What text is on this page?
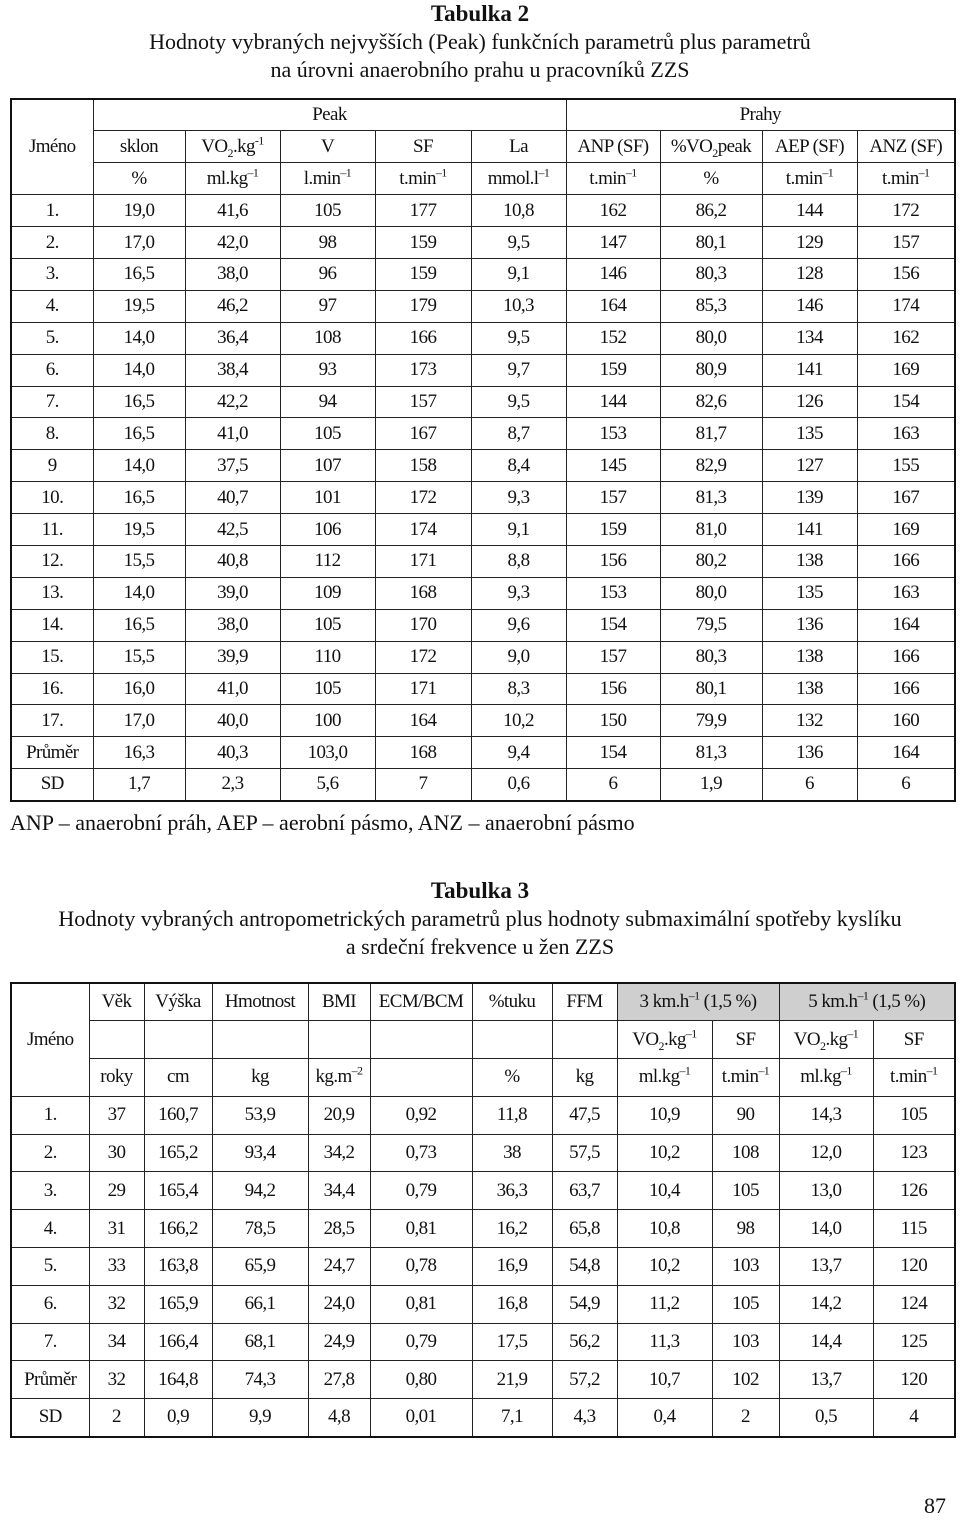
Tabulka 2
Hodnoty vybraných nejvyšších (Peak) funkčních parametrů plus parametrů
na úrovni anaerobního prahu u pracovníků ZZS
	Peak					Prahy			
Jméno	sklon	$VO_2.kg^{-1}$	V	SF	La	ANP (SF)	$\%VO_2peak$	AEP (SF)	ANZ (SF)
	%	$ml.kg^{-1}$	$l.\min^{-1}$	$t.\min^{-1}$	$mmol.l^{-1}$	$t.\min^{-1}$	%	$t.\min^{-1}$	$t.\min^{-1}$
1.	19,0	41,6	105	177	10,8	162	86,2	144	172
2.	17,0	42,0	98	159	9,5	147	80,1	129	157
3.	16,5	38,0	96	159	9,1	146	80,3	128	156
4.	19,5	46,2	97	179	10,3	164	85,3	146	174
5.	14,0	36,4	108	166	9,5	152	80,0	134	162
6.	14,0	38,4	93	173	9,7	159	80,9	141	169
7.	16,5	42,2	94	157	9,5	144	82,6	126	154
8.	16,5	41,0	105	167	8,7	153	81,7	135	163
9	14,0	37,5	107	158	8,4	145	82,9	127	155
10.	16,5	40,7	101	172	9,3	157	81,3	139	167
11.	19,5	42,5	106	174	9,1	159	81,0	141	169
12.	15,5	40,8	112	171	8,8	156	80,2	138	166
13.	14,0	39,0	109	168	9,3	153	80,0	135	163
14.	16,5	38,0	105	170	9,6	154	79,5	136	164
15.	15,5	39,9	110	172	9,0	157	80,3	138	166
16.	16,0	41,0	105	171	8,3	156	80,1	138	166
17.	17,0	40,0	100	164	10,2	150	79,9	132	160
Průměr	16,3	40,3	103,0	168	9,4	154	81,3	136	164
SD	1,7	2,3	5,6	7	0,6	6	1,9	6	6
ANP – anaerobní práh, AEP – aerobní pásmo, ANZ – anaerobní pásmo
Tabulka 3
Hodnoty vybraných antropometrických parametrů plus hodnoty submaximální spotřeby kyslíku
a srdeční frekvence u žen ZZS
	Věk	Výška	Hmotnost	BMI	ECM/BCM	%tuku	FFM	3 $km.h^{-1}$ (1,5 %)		5 $km.h^{-1}$ (1,5 %)	
Jméno								$VO_2.kg^{-1}$	SF	$VO_2.kg^{-1}$	SF
	roky	cm	kg	$kg.m^{-2}$		%	kg	$ml.kg^{-1}$	$t.\min^{-1}$	$ml.kg^{-1}$	$t.\min^{-1}$
1.	37	160,7	53,9	20,9	0,92	11,8	47,5	10,9	90	14,3	105
2.	30	165,2	93,4	34,2	0,73	38	57,5	10,2	108	12,0	123
3.	29	165,4	94,2	34,4	0,79	36,3	63,7	10,4	105	13,0	126
4.	31	166,2	78,5	28,5	0,81	16,2	65,8	10,8	98	14,0	115
5.	33	163,8	65,9	24,7	0,78	16,9	54,8	10,2	103	13,7	120
6.	32	165,9	66,1	24,0	0,81	16,8	54,9	11,2	105	14,2	124
7.	34	166,4	68,1	24,9	0,79	17,5	56,2	11,3	103	14,4	125
Průměr	32	164,8	74,3	27,8	0,80	21,9	57,2	10,7	102	13,7	120
SD	2	0,9	9,9	4,8	0,01	7,1	4,3	0,4	2	0,5	4
87
